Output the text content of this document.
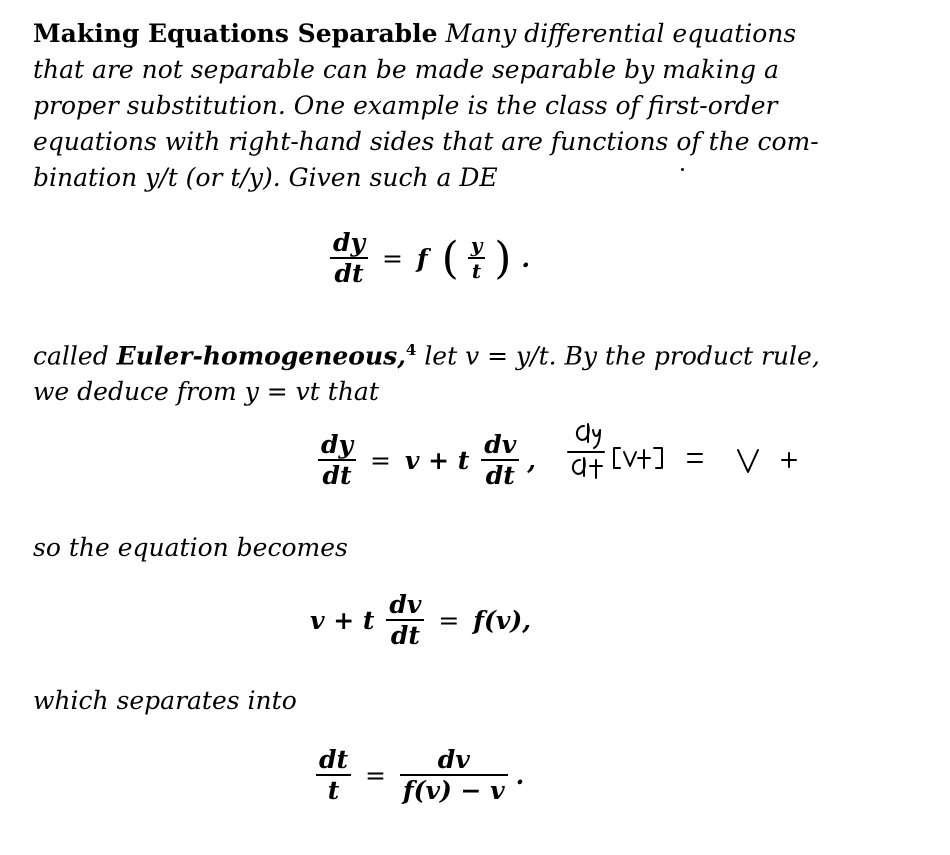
Making Equations Separable Many differential equations
that are not separable can be made separable by making a
proper substitution. One example is the class of first-order
equations with right-hand sides that are functions of the com-
bination y/t (or t/y). Given such a DE
$\frac{dy}{dt} = f$ ( $\frac{y}{t}$ ) .
called Euler-homogeneous,$^4$ let v = y/t. By the product rule,
we deduce from y = vt that
$\frac{dy}{dt} = v + t \frac{dv}{dt}$ ,
so the equation becomes
v + t $\frac{dv}{dt} = f(v)$,
which separates into
$\frac{dt}{t} = \frac{dv}{f(v) - v}$ .
